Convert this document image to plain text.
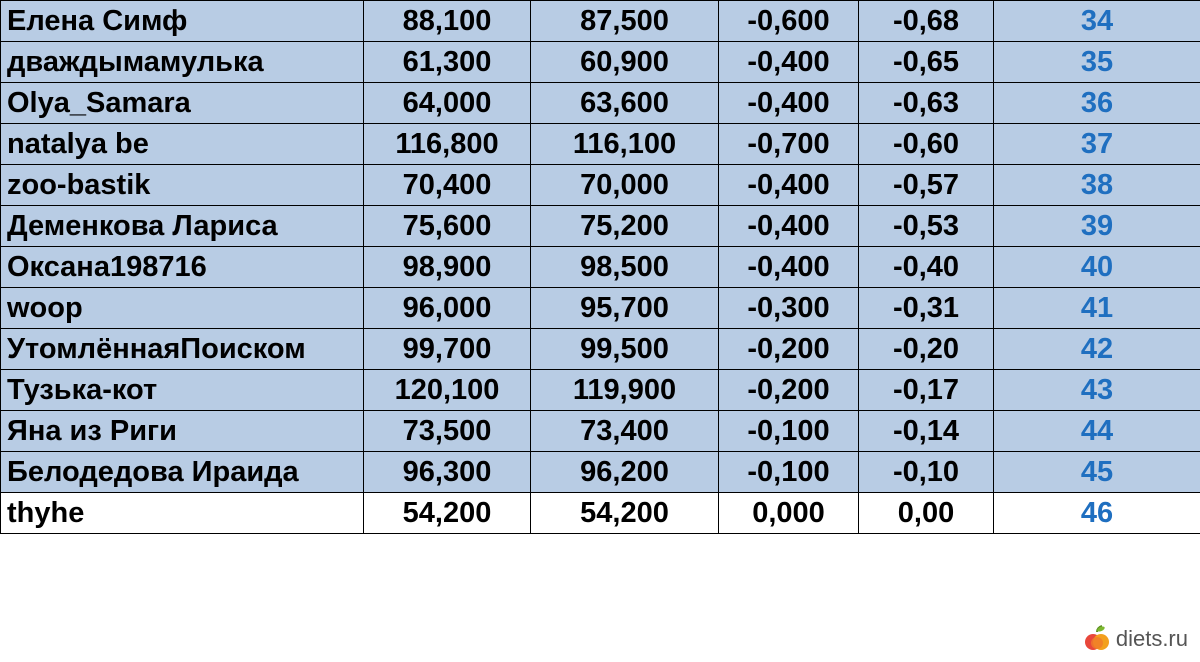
Елена Симф	88,100	87,500	-0,600	-0,68	34
дваждымамулька	61,300	60,900	-0,400	-0,65	35
Olya_Samara	64,000	63,600	-0,400	-0,63	36
natalya be	116,800	116,100	-0,700	-0,60	37
zoo-bastik	70,400	70,000	-0,400	-0,57	38
Деменкова Лариса	75,600	75,200	-0,400	-0,53	39
Оксана198716	98,900	98,500	-0,400	-0,40	40
woop	96,000	95,700	-0,300	-0,31	41
УтомлённаяПоиском	99,700	99,500	-0,200	-0,20	42
Тузька-кот	120,100	119,900	-0,200	-0,17	43
Яна из Риги	73,500	73,400	-0,100	-0,14	44
Белодедова Ираида	96,300	96,200	-0,100	-0,10	45
thyhe	54,200	54,200	0,000	0,00	46
diets.ru
